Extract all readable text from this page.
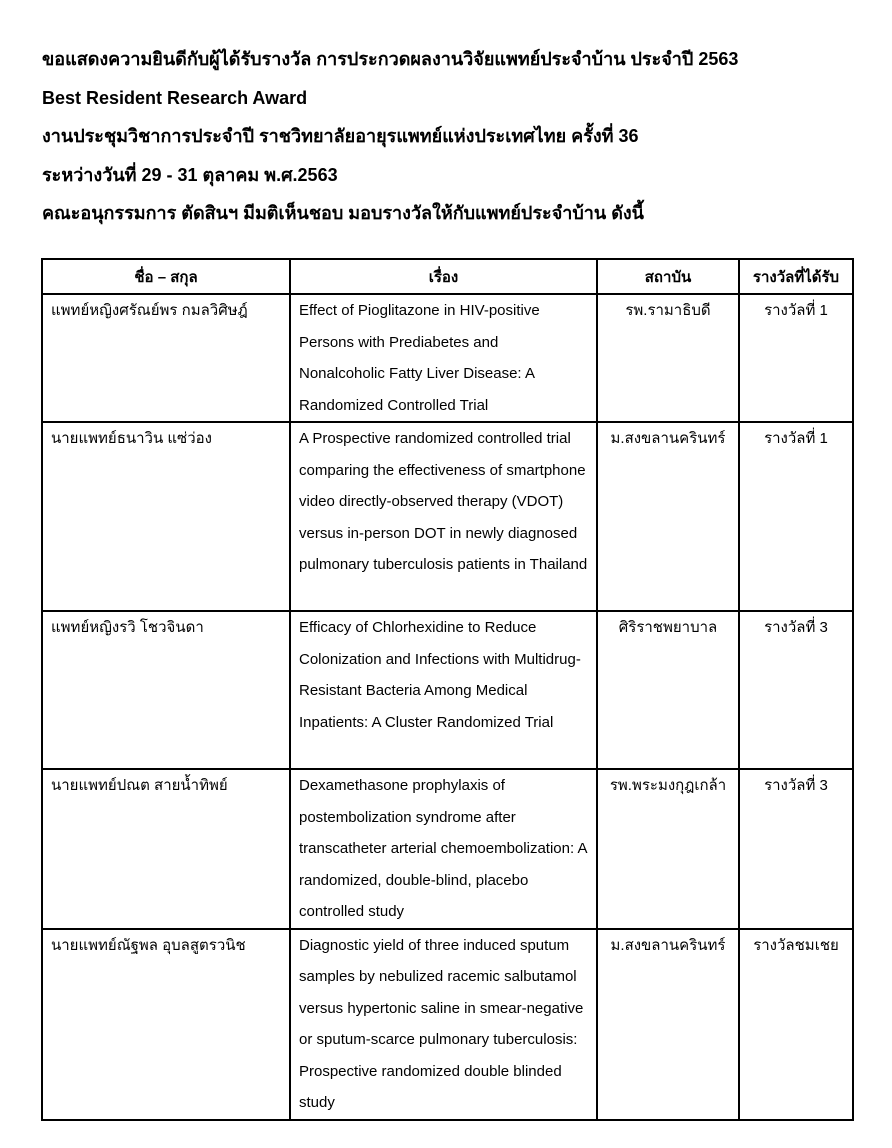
ขอแสดงความยินดีกับผู้ได้รับรางวัล การประกวดผลงานวิจัยแพทย์ประจำบ้าน ประจำปี 2563
Best Resident Research Award
งานประชุมวิชาการประจำปี ราชวิทยาลัยอายุรแพทย์แห่งประเทศไทย ครั้งที่ 36
ระหว่างวันที่ 29 - 31 ตุลาคม พ.ศ.2563
คณะอนุกรรมการ ตัดสินฯ มีมติเห็นชอบ มอบรางวัลให้กับแพทย์ประจำบ้าน ดังนี้
ชื่อ – สกุล	เรื่อง	สถาบัน	รางวัลที่ได้รับ
แพทย์หญิงศรัณย์พร กมลวิศิษฎ์	Effect of Pioglitazone in HIV-positive Persons with Prediabetes and Nonalcoholic Fatty Liver Disease: A Randomized Controlled Trial	รพ.รามาธิบดี	รางวัลที่ 1
นายแพทย์ธนาวิน แซ่ว่อง	A Prospective randomized controlled trial comparing the effectiveness of smartphone video directly-observed therapy (VDOT) versus in-person DOT in newly diagnosed pulmonary tuberculosis patients in Thailand	ม.สงขลานครินทร์	รางวัลที่ 1
แพทย์หญิงรวิ โชวจินดา	Efficacy of Chlorhexidine to Reduce Colonization and Infections with Multidrug-Resistant Bacteria Among Medical Inpatients: A Cluster Randomized Trial	ศิริราชพยาบาล	รางวัลที่ 3
นายแพทย์ปณต สายน้ำทิพย์	Dexamethasone prophylaxis of postembolization syndrome after transcatheter arterial chemoembolization: A randomized, double-blind, placebo controlled study	รพ.พระมงกุฎเกล้า	รางวัลที่ 3
นายแพทย์ณัฐพล อุบลสูตรวนิช	Diagnostic yield of three induced sputum samples by nebulized racemic salbutamol versus hypertonic saline in smear-negative or sputum-scarce pulmonary tuberculosis: Prospective randomized double blinded study	ม.สงขลานครินทร์	รางวัลชมเชย
